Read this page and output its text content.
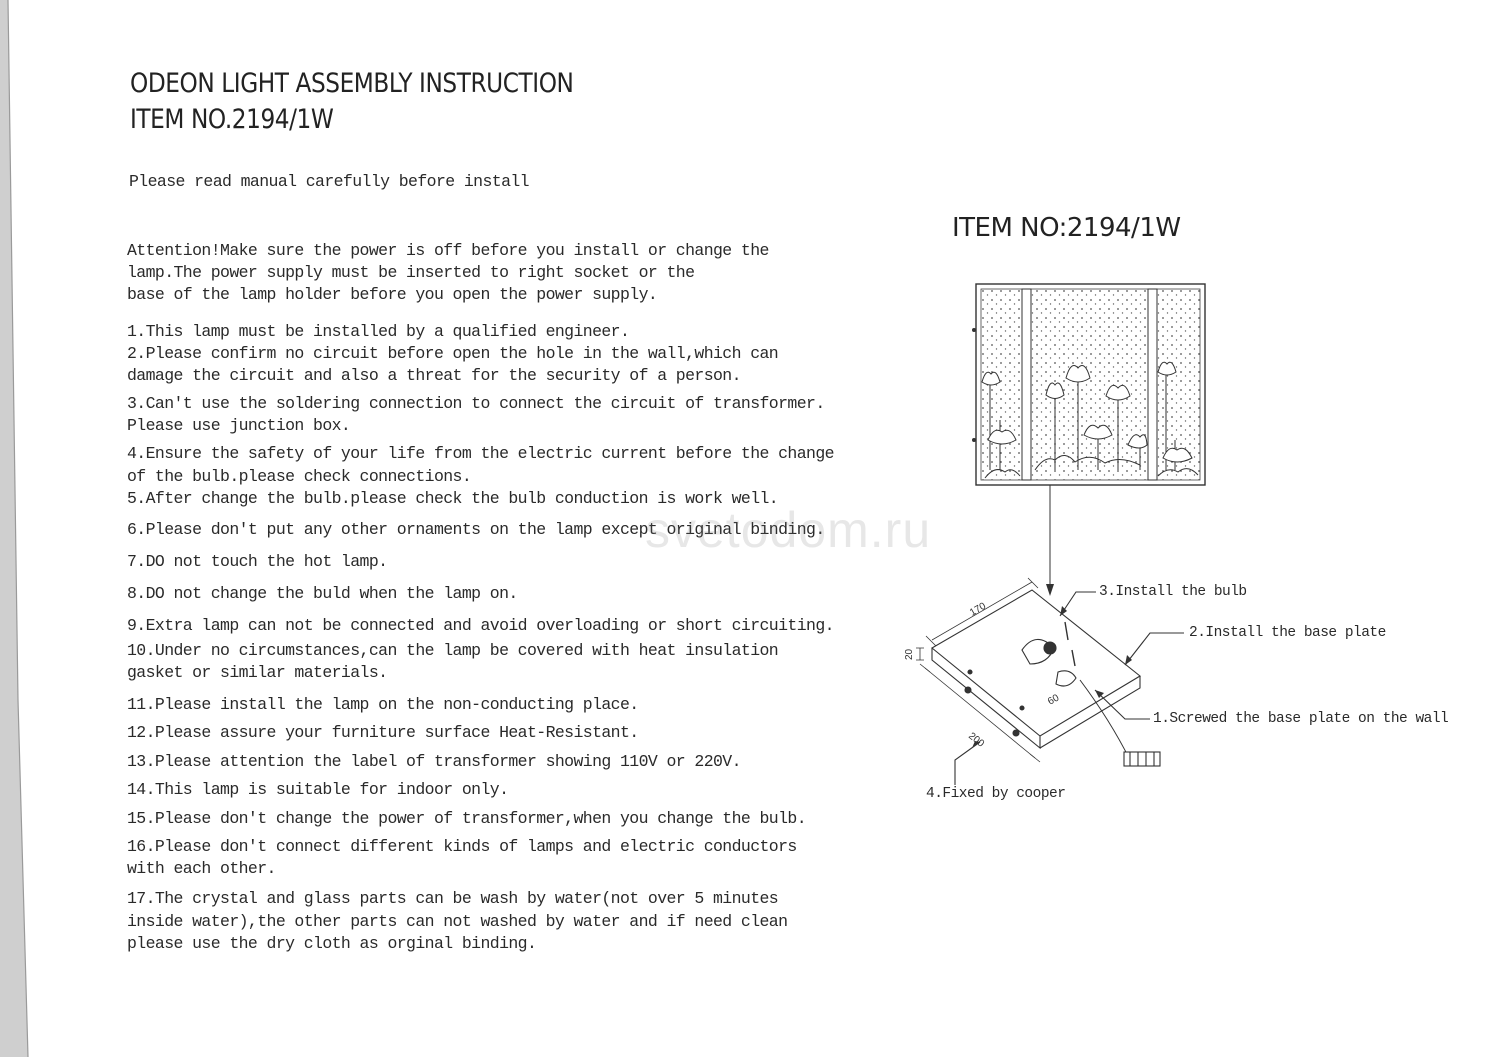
ODEON LIGHT ASSEMBLY INSTRUCTION
ITEM NO.2194/1W
Please read manual carefully before install
Attention!Make sure the power is off before you install or change the
lamp.The power supply must be inserted to right socket or the
base of the lamp holder before you open the power supply.
1.This lamp must be installed by a qualified engineer.
2.Please confirm no circuit before open the hole in the wall,which can
damage the circuit and also a threat for the security of a person.
3.Can't use the soldering connection to connect the circuit of transformer.
Please use junction box.
4.Ensure the safety of your life from the electric current before the change
of the bulb.please check connections.
5.After change the bulb.please check the bulb conduction is work well.
6.Please don't put any other ornaments on the lamp except original binding.
7.DO not touch the hot lamp.
8.DO not change the buld when the lamp on.
9.Extra lamp can not be connected and avoid overloading or short circuiting.
10.Under no circumstances,can the lamp be covered with heat insulation
gasket or similar materials.
11.Please install the lamp on the non-conducting place.
12.Please assure your furniture surface Heat-Resistant.
13.Please attention the label of transformer showing 110V or 220V.
14.This lamp is suitable for indoor only.
15.Please don't change the power of transformer,when you change the bulb.
16.Please don't connect different kinds of lamps and electric conductors
with each other.
17.The crystal and glass parts can be wash by water(not over 5 minutes
inside water),the other parts can not washed by water and if need clean
please use the dry cloth as orginal binding.
ITEM NO:2194/1W
170
200
20
60
3.Install the bulb
2.Install the base plate
1.Screwed the base plate on the wall
4.Fixed by cooper
svetodom.ru
